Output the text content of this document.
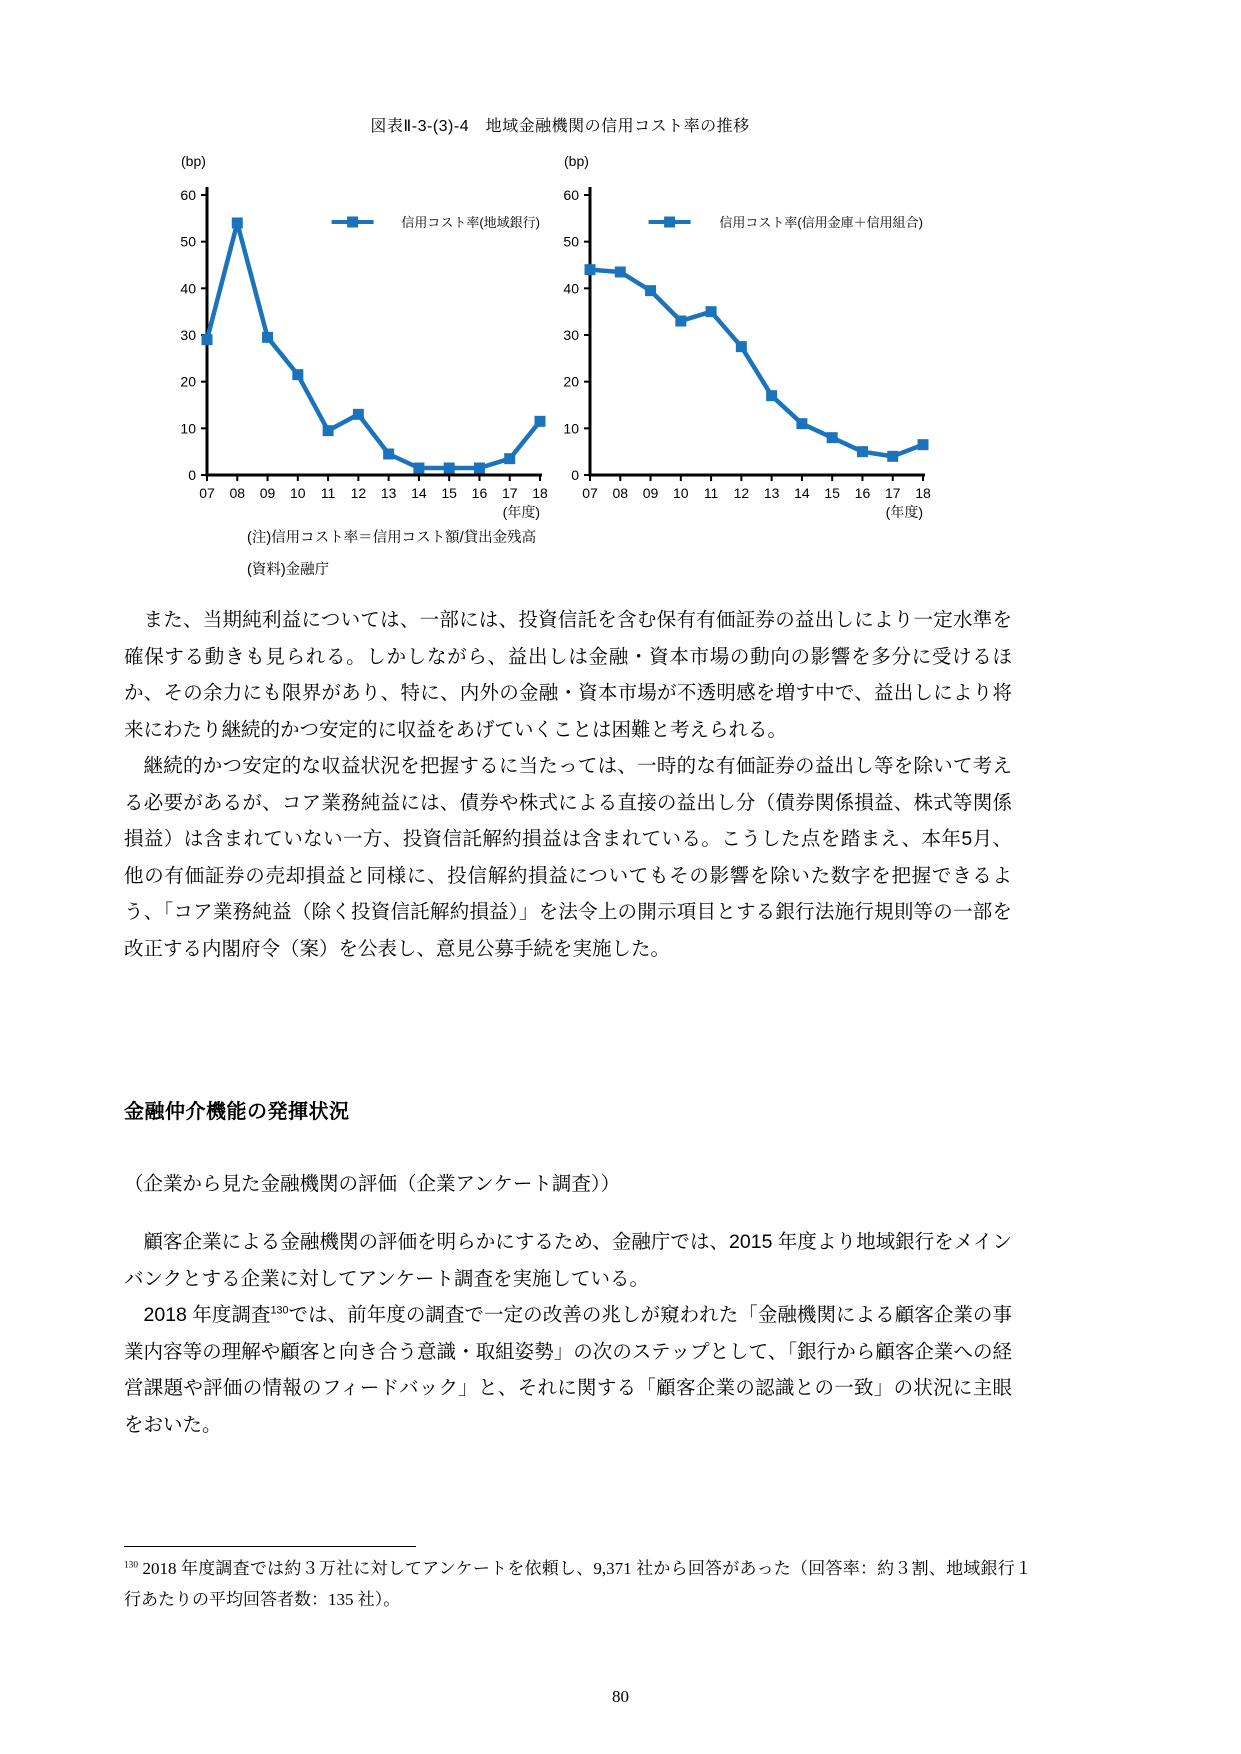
図表Ⅱ-3-(3)-4　地域金融機関の信用コスト率の推移
0
10
20
30
40
50
60
07 08 09 10 11 12 13 14 15 16 17 18
(bp)
(年度)
信用コスト率(地域銀行)
0
10
20
30
40
50
60
07 08 09 10 11 12 13 14 15 16 17 18
(bp)
(年度)
信用コスト率(信用金庫＋信用組合)
(注)信用コスト率＝信用コスト額/貸出金残高
(資料)金融庁

また、当期純利益については、一部には、投資信託を含む保有有価証券の益出しにより一定水準を確保する動きも見られる。しかしながら、益出しは金融・資本市場の動向の影響を多分に受けるほか、その余力にも限界があり、特に、内外の金融・資本市場が不透明感を増す中で、益出しにより将来にわたり継続的かつ安定的に収益をあげていくことは困難と考えられる。

継続的かつ安定的な収益状況を把握するに当たっては、一時的な有価証券の益出し等を除いて考える必要があるが、コア業務純益には、債券や株式による直接の益出し分（債券関係損益、株式等関係損益）は含まれていない一方、投資信託解約損益は含まれている。こうした点を踏まえ、本年5月、他の有価証券の売却損益と同様に、投信解約損益についてもその影響を除いた数字を把握できるよう、「コア業務純益（除く投資信託解約損益）」を法令上の開示項目とする銀行法施行規則等の一部を改正する内閣府令（案）を公表し、意見公募手続を実施した。

金融仲介機能の発揮状況
（企業から見た金融機関の評価（企業アンケート調査））

顧客企業による金融機関の評価を明らかにするため、金融庁では、2015 年度より地域銀行をメインバンクとする企業に対してアンケート調査を実施している。

2018 年度調査$^{130}$では、前年度の調査で一定の改善の兆しが窺われた「金融機関による顧客企業の事業内容等の理解や顧客と向き合う意識・取組姿勢」の次のステップとして、「銀行から顧客企業への経営課題や評価の情報のフィードバック」と、それに関する「顧客企業の認識との一致」の状況に主眼をおいた。

$^{130}$ 2018 年度調査では約３万社に対してアンケートを依頼し、9,371 社から回答があった（回答率：約３割、地域銀行１行あたりの平均回答者数：135 社）。
80
